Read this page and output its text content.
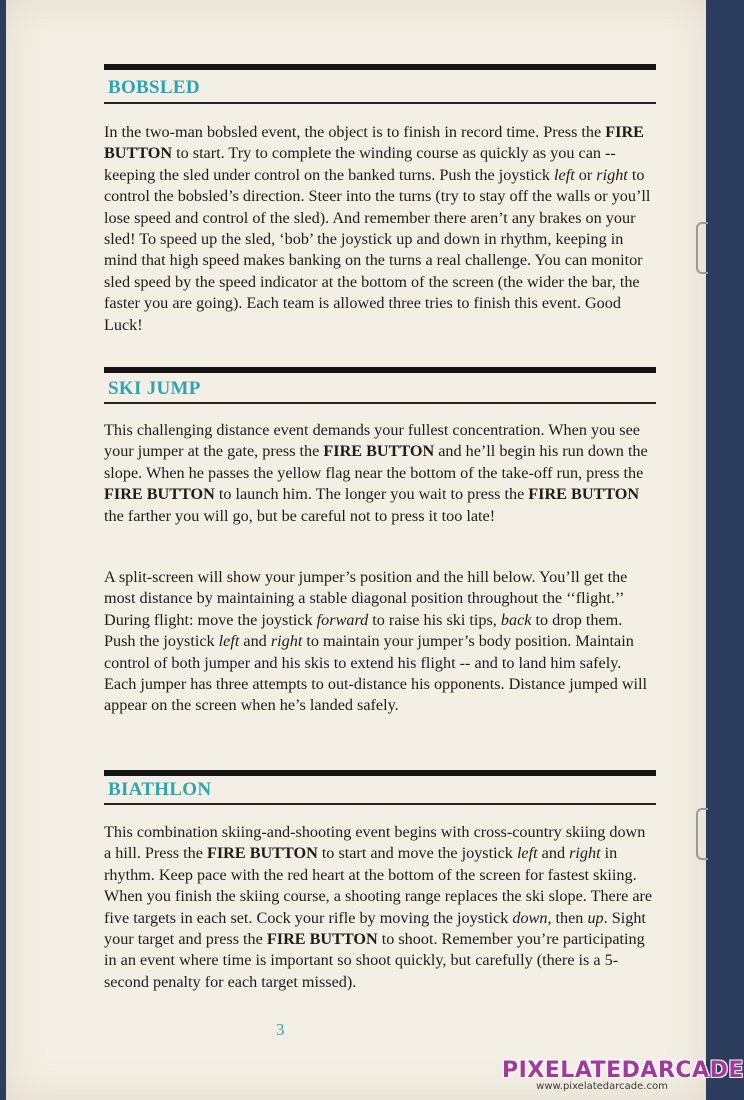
BOBSLED

In the two-man bobsled event, the object is to finish in record time. Press the FIRE BUTTON to start. Try to complete the winding course as quickly as you can -- keeping the sled under control on the banked turns. Push the joystick left or right to control the bobsled’s direction. Steer into the turns (try to stay off the walls or you’ll lose speed and control of the sled). And remember there aren’t any brakes on your sled! To speed up the sled, ‘bob’ the joystick up and down in rhythm, keeping in mind that high speed makes banking on the turns a real challenge. You can monitor sled speed by the speed indicator at the bottom of the screen (the wider the bar, the faster you are going). Each team is allowed three tries to finish this event. Good Luck!

SKI JUMP

This challenging distance event demands your fullest concentration. When you see your jumper at the gate, press the FIRE BUTTON and he’ll begin his run down the slope. When he passes the yellow flag near the bottom of the take-off run, press the FIRE BUTTON to launch him. The longer you wait to press the FIRE BUTTON the farther you will go, but be careful not to press it too late!

A split-screen will show your jumper’s position and the hill below. You’ll get the most distance by maintaining a stable diagonal position throughout the ‘‘flight.’’ During flight: move the joystick forward to raise his ski tips, back to drop them. Push the joystick left and right to maintain your jumper’s body position. Maintain control of both jumper and his skis to extend his flight -- and to land him safely. Each jumper has three attempts to out-distance his opponents. Distance jumped will appear on the screen when he’s landed safely.

BIATHLON

This combination skiing-and-shooting event begins with cross-country skiing down a hill. Press the FIRE BUTTON to start and move the joystick left and right in rhythm. Keep pace with the red heart at the bottom of the screen for fastest skiing. When you finish the skiing course, a shooting range replaces the ski slope. There are five targets in each set. Cock your rifle by moving the joystick down, then up. Sight your target and press the FIRE BUTTON to shoot. Remember you’re participating in an event where time is important so shoot quickly, but carefully (there is a 5-second penalty for each target missed).

3
PIXELATEDARCADE
www.pixelatedarcade.com
